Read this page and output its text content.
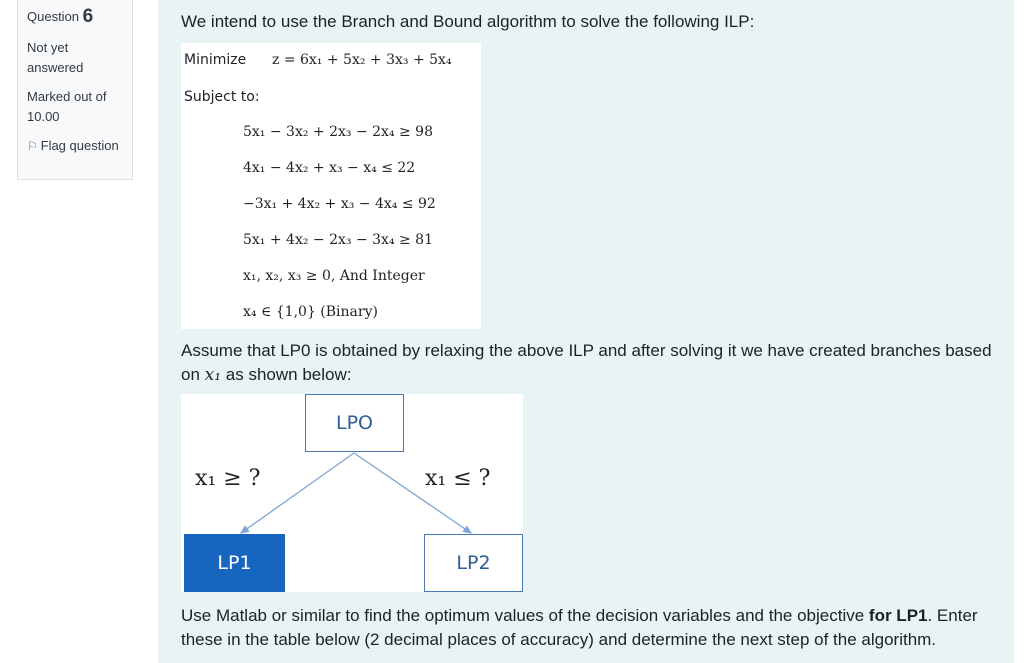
Question 6
Not yet answered
Marked out of 10.00
⚐ Flag question
We intend to use the Branch and Bound algorithm to solve the following ILP:
Minimize z = 6x₁ + 5x₂ + 3x₃ + 5x₄
Subject to:
5x₁ − 3x₂ + 2x₃ − 2x₄ ≥ 98
4x₁ − 4x₂ + x₃ − x₄ ≤ 22
−3x₁ + 4x₂ + x₃ − 4x₄ ≤ 92
5x₁ + 4x₂ − 2x₃ − 3x₄ ≥ 81
x₁, x₂, x₃ ≥ 0, And Integer
x₄ ∈ {1,0} (Binary)
Assume that LP0 is obtained by relaxing the above ILP and after solving it we have created branches based on x₁ as shown below:
LPO
x₁ ≥ ?	x₁ ≤ ?
LP1	LP2
Use Matlab or similar to find the optimum values of the decision variables and the objective for LP1. Enter these in the table below (2 decimal places of accuracy) and determine the next step of the algorithm.
